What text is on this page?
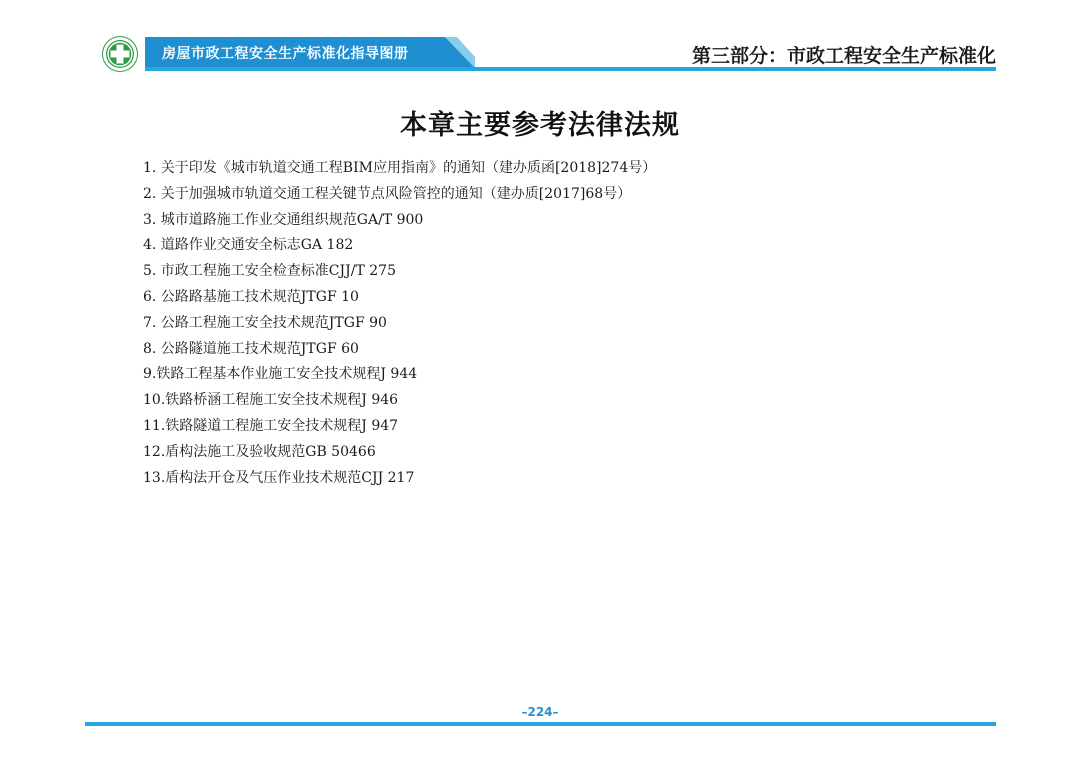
房屋市政工程安全生产标准化指导图册	第三部分：市政工程安全生产标准化
本章主要参考法律法规
1. 关于印发《城市轨道交通工程BIM应用指南》的通知（建办质函[2018]274号）
2. 关于加强城市轨道交通工程关键节点风险管控的通知（建办质[2017]68号）
3. 城市道路施工作业交通组织规范GA/T 900
4. 道路作业交通安全标志GA 182
5. 市政工程施工安全检查标准CJJ/T 275
6. 公路路基施工技术规范JTGF 10
7. 公路工程施工安全技术规范JTGF 90
8. 公路隧道施工技术规范JTGF 60
9.铁路工程基本作业施工安全技术规程J 944
10.铁路桥涵工程施工安全技术规程J 946
11.铁路隧道工程施工安全技术规程J 947
12.盾构法施工及验收规范GB 50466
13.盾构法开仓及气压作业技术规范CJJ 217
–224–
